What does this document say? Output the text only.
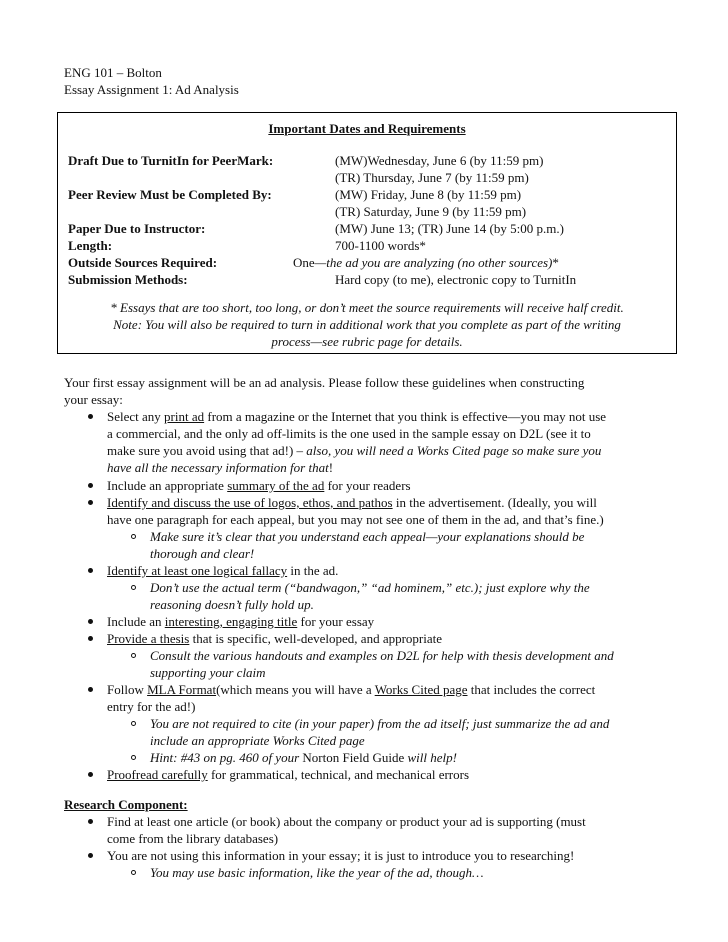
ENG 101 – Bolton
Essay Assignment 1: Ad Analysis
Important Dates and Requirements
Draft Due to TurnitIn for PeerMark:	(MW)Wednesday, June 6 (by 11:59 pm)
(TR) Thursday, June 7 (by 11:59 pm)
Peer Review Must be Completed By:	(MW) Friday, June 8 (by 11:59 pm)
(TR) Saturday, June 9 (by 11:59 pm)
Paper Due to Instructor:	(MW) June 13; (TR) June 14 (by 5:00 p.m.)
Length:	700-1100 words*
Outside Sources Required:	One—the ad you are analyzing (no other sources)*
Submission Methods:	Hard copy (to me), electronic copy to TurnitIn
* Essays that are too short, too long, or don’t meet the source requirements will receive half credit.
Note: You will also be required to turn in additional work that you complete as part of the writing
process—see rubric page for details.
Your first essay assignment will be an ad analysis. Please follow these guidelines when constructing
your essay:
Select any print ad from a magazine or the Internet that you think is effective—you may not use
a commercial, and the only ad off-limits is the one used in the sample essay on D2L (see it to
make sure you avoid using that ad!) – also, you will need a Works Cited page so make sure you
have all the necessary information for that!
Include an appropriate summary of the ad for your readers
Identify and discuss the use of logos, ethos, and pathos in the advertisement. (Ideally, you will
have one paragraph for each appeal, but you may not see one of them in the ad, and that’s fine.)
Make sure it’s clear that you understand each appeal—your explanations should be
thorough and clear!
Identify at least one logical fallacy in the ad.
Don’t use the actual term (“bandwagon,” “ad hominem,” etc.); just explore why the
reasoning doesn’t fully hold up.
Include an interesting, engaging title for your essay
Provide a thesis that is specific, well-developed, and appropriate
Consult the various handouts and examples on D2L for help with thesis development and
supporting your claim
Follow MLA Format(which means you will have a Works Cited page that includes the correct
entry for the ad!)
You are not required to cite (in your paper) from the ad itself; just summarize the ad and
include an appropriate Works Cited page
Hint: #43 on pg. 460 of your Norton Field Guide will help!
Proofread carefully for grammatical, technical, and mechanical errors
Research Component:
Find at least one article (or book) about the company or product your ad is supporting (must
come from the library databases)
You are not using this information in your essay; it is just to introduce you to researching!
You may use basic information, like the year of the ad, though…
